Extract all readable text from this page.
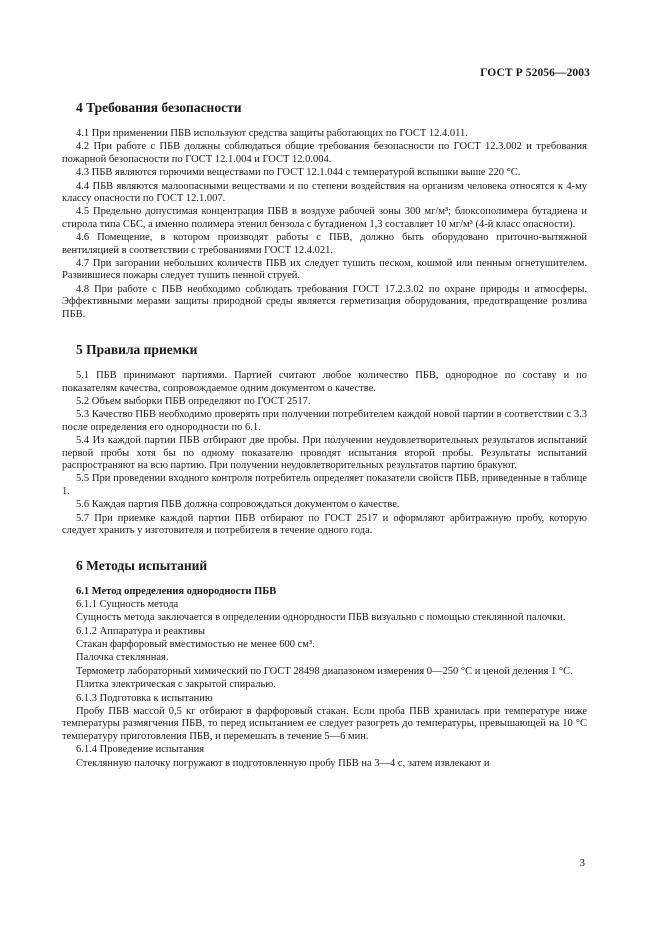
ГОСТ Р 52056—2003
4 Требования безопасности

4.1 При применении ПБВ используют средства защиты работающих по ГОСТ 12.4.011.

4.2 При работе с ПБВ должны соблюдаться общие требования безопасности по ГОСТ 12.3.002 и требования пожарной безопасности по ГОСТ 12.1.004 и ГОСТ 12.0.004.

4.3 ПБВ являются горючими веществами по ГОСТ 12.1.044 с температурой вспышки выше 220 °С.

4.4 ПБВ являются малоопасными веществами и по степени воздействия на организм человека относятся к 4-му классу опасности по ГОСТ 12.1.007.

4.5 Предельно допустимая концентрация ПБВ в воздухе рабочей зоны 300 мг/м³; блоксополимера бутадиена и стирола типа СБС, а именно полимера этенил бензола с бутадиеном 1,3 составляет 10 мг/м³ (4-й класс опасности).

4.6 Помещение, в котором производят работы с ПБВ, должно быть оборудовано приточно-вытяжной вентиляцией в соответствии с требованиями ГОСТ 12.4.021.

4.7 При загорании небольших количеств ПБВ их следует тушить песком, кошмой или пенным огнетушителем. Развившиеся пожары следует тушить пенной струей.

4.8 При работе с ПБВ необходимо соблюдать требования ГОСТ 17.2.3.02 по охране природы и атмосферы. Эффективными мерами защиты природной среды является герметизация оборудования, предотвращение розлива ПБВ.

5 Правила приемки

5.1 ПБВ принимают партиями. Партией считают любое количество ПБВ, однородное по составу и по показателям качества, сопровождаемое одним документом о качестве.

5.2 Объем выборки ПБВ определяют по ГОСТ 2517.

5.3 Качество ПБВ необходимо проверять при получении потребителем каждой новой партии в соответствии с 3.3 после определения его однородности по 6.1.

5.4 Из каждой партии ПБВ отбирают две пробы. При получении неудовлетворительных результатов испытаний первой пробы хотя бы по одному показателю проводят испытания второй пробы. Результаты испытаний распространяют на всю партию. При получении неудовлетворительных результатов партию бракуют.

5.5 При проведении входного контроля потребитель определяет показатели свойств ПБВ, приведенные в таблице 1.

5.6 Каждая партия ПБВ должна сопровождаться документом о качестве.

5.7 При приемке каждой партии ПБВ отбирают по ГОСТ 2517 и оформляют арбитражную пробу, которую следует хранить у изготовителя и потребителя в течение одного года.

6 Методы испытаний
6.1 Метод определения однородности ПБВ

6.1.1 Сущность метода

Сущность метода заключается в определении однородности ПБВ визуально с помощью стеклянной палочки.

6.1.2 Аппаратура и реактивы

Стакан фарфоровый вместимостью не менее 600 см³.

Палочка стеклянная.

Термометр лабораторный химический по ГОСТ 28498 диапазоном измерения 0—250 °С и ценой деления 1 °С.

Плитка электрическая с закрытой спиралью.

6.1.3 Подготовка к испытанию

Пробу ПБВ массой 0,5 кг отбирают в фарфоровый стакан. Если проба ПБВ хранилась при температуре ниже температуры размягчения ПБВ, то перед испытанием ее следует разогреть до температуры, превышающей на 10 °С температуру приготовления ПБВ, и перемешать в течение 5—6 мин.

6.1.4 Проведение испытания

Стеклянную палочку погружают в подготовленную пробу ПБВ на 3—4 с, затем извлекают и

3
